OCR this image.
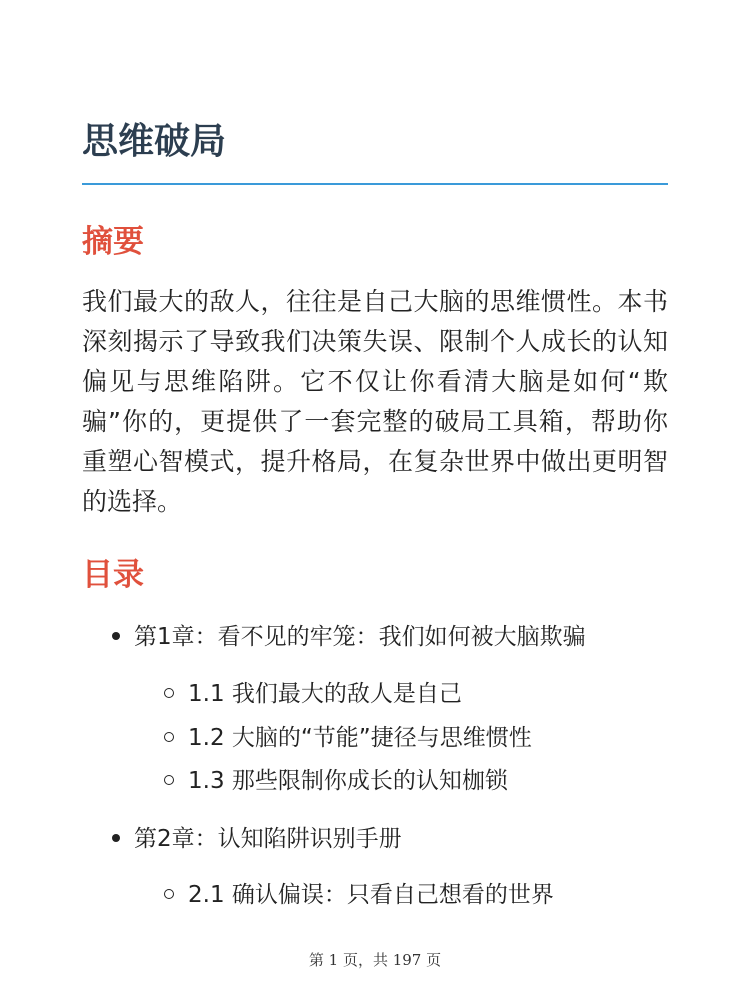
思维破局
摘要

我们最大的敌人，往往是自己大脑的思维惯性。本书深刻揭示了导致我们决策失误、限制个人成长的认知偏见与思维陷阱。它不仅让你看清大脑是如何“欺骗”你的，更提供了一套完整的破局工具箱，帮助你重塑心智模式，提升格局，在复杂世界中做出更明智的选择。

目录
第1章：看不见的牢笼：我们如何被大脑欺骗
1.1 我们最大的敌人是自己
1.2 大脑的“节能”捷径与思维惯性
1.3 那些限制你成长的认知枷锁
第2章：认知陷阱识别手册
2.1 确认偏误：只看自己想看的世界
第 1 页，共 197 页
